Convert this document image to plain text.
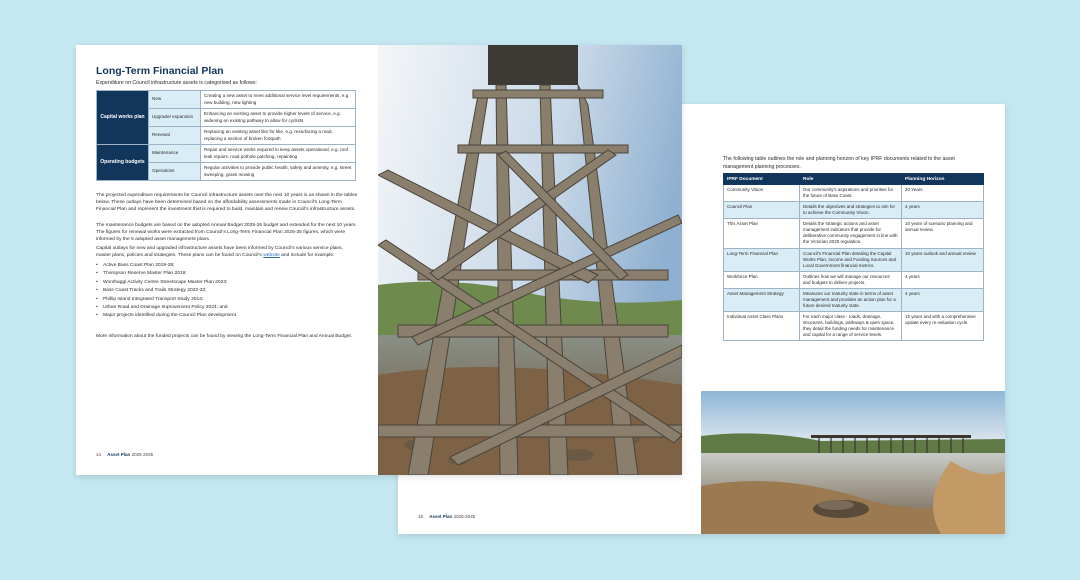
The following table outlines the role and planning horizon of key IPRF documents related to the asset management planning processes.

IPRF Document	Role	Planning Horizon
Community Vision	Our community's aspirations and priorities for the future of Bass Coast.	20 Years
Council Plan	Details the objectives and strategies to aim for to achieve the Community Vision.	4 years
This Asset Plan	Details the strategic actions and asset management indicators that provide for deliberative community engagement in line with the Victorian 2020 regulation.	10 years of scenario planning and annual review.
Long-Term Financial Plan	Council's Financial Plan detailing the Capital Works Plan, Income and Funding Sources and Local Government financial metrics.	10 years outlook and annual review
Workforce Plan	Outlines how we will manage our resources and budgets to deliver projects.	4 years
Asset Management Strategy	Measures our maturity state in terms of asset management and provides an action plan for a future desired maturity state.	4 years
Individual Asset Class Plans	For each major class - roads, drainage, structures, buildings, pathways & open space, they detail the funding needs for maintenance and capital for a range of service levels.	15 years and with a comprehensive update every re-valuation cycle.
16 Asset Plan 2025-2035
Long-Term Financial Plan

Expenditure on Council infrastructure assets is categorised as follows:

Capital works plan	New	Creating a new asset to meet additional service level requirements, e.g. new building, new lighting
	Upgrade/ expansion	Enhancing an existing asset to provide higher levels of service, e.g. widening an existing pathway to allow for cyclists
	Renewal	Replacing an existing asset like for like, e.g. resurfacing a road, replacing a section of broken footpath
Operating budgets	Maintenance	Repair and service works required to keep assets operational, e.g. roof leak repairs, road pothole patching, repainting
	Operations	Regular activities to provide public health, safety and amenity, e.g. street sweeping, grass mowing

The projected expenditure requirements for Council infrastructure assets over the next 10 years is as shown in the tables below. These outlays have been determined based on the affordability assessments made in Council's Long-Term Financial Plan and represent the investment that is required to build, maintain and renew Council's infrastructure assets.

The maintenance budgets are based on the adopted Annual Budget 2025-26 budget and extended for the next 10 years. The figures for renewal works were extracted from Council's Long-Term Financial Plan 2025-35 figures, which were informed by the 5 adopted asset management plans.

Capital outlays for new and upgraded infrastructure assets have been informed by Council's various service plans, master plans, policies and strategies. These plans can be found on Council's website and include for example:

• Active Bass Coast Plan 2018-28;
• Thompson Reserve Master Plan 2019;
• Wonthaggi Activity Centre Streetscape Master Plan 2023;
• Bass Coast Tracks and Trails Strategy 2022-32;
• Phillip Island Integrated Transport Study 2014;
• Urban Road and Drainage Improvement Policy 2024; and
• Major projects identified during the Council Plan development.

More information about the funded projects can be found by viewing the Long-Term Financial Plan and Annual Budget.

14 Asset Plan 2025-2035
